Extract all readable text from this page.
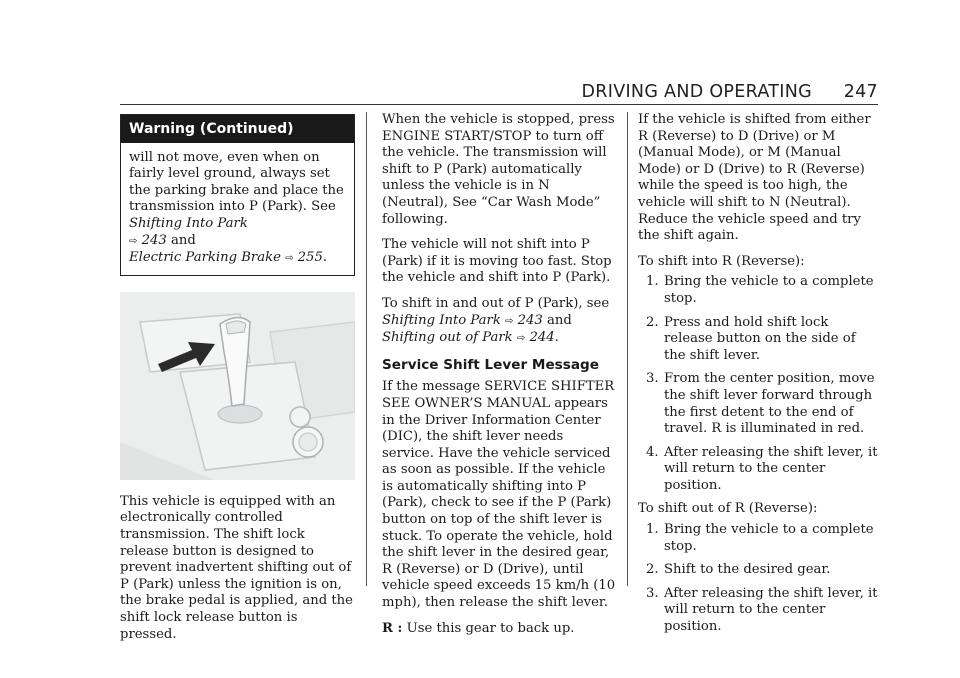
DRIVING AND OPERATING 247
Warning (Continued)

will not move, even when on fairly level ground, always set the parking brake and place the transmission into P (Park). See Shifting Into Park
⇨ 243 and
Electric Parking Brake ⇨ 255.

This vehicle is equipped with an electronically controlled transmission. The shift lock release button is designed to prevent inadvertent shifting out of P (Park) unless the ignition is on, the brake pedal is applied, and the shift lock release button is pressed.

When the vehicle is stopped, press ENGINE START/STOP to turn off the vehicle. The transmission will shift to P (Park) automatically unless the vehicle is in N (Neutral), See “Car Wash Mode” following.

The vehicle will not shift into P (Park) if it is moving too fast. Stop the vehicle and shift into P (Park).

To shift in and out of P (Park), see
Shifting Into Park ⇨ 243 and
Shifting out of Park ⇨ 244.

Service Shift Lever Message

If the message SERVICE SHIFTER SEE OWNER’S MANUAL appears in the Driver Information Center (DIC), the shift lever needs service. Have the vehicle serviced as soon as possible. If the vehicle is automatically shifting into P (Park), check to see if the P (Park) button on top of the shift lever is stuck. To operate the vehicle, hold the shift lever in the desired gear, R (Reverse) or D (Drive), until vehicle speed exceeds 15 km/h (10 mph), then release the shift lever.

R : Use this gear to back up.

If the vehicle is shifted from either R (Reverse) to D (Drive) or M (Manual Mode), or M (Manual Mode) or D (Drive) to R (Reverse) while the speed is too high, the vehicle will shift to N (Neutral). Reduce the vehicle speed and try the shift again.

To shift into R (Reverse):

1. Bring the vehicle to a complete stop.
2. Press and hold shift lock release button on the side of the shift lever.
3. From the center position, move the shift lever forward through the first detent to the end of travel. R is illuminated in red.
4. After releasing the shift lever, it will return to the center position.

To shift out of R (Reverse):

1. Bring the vehicle to a complete stop.
2. Shift to the desired gear.
3. After releasing the shift lever, it will return to the center position.
